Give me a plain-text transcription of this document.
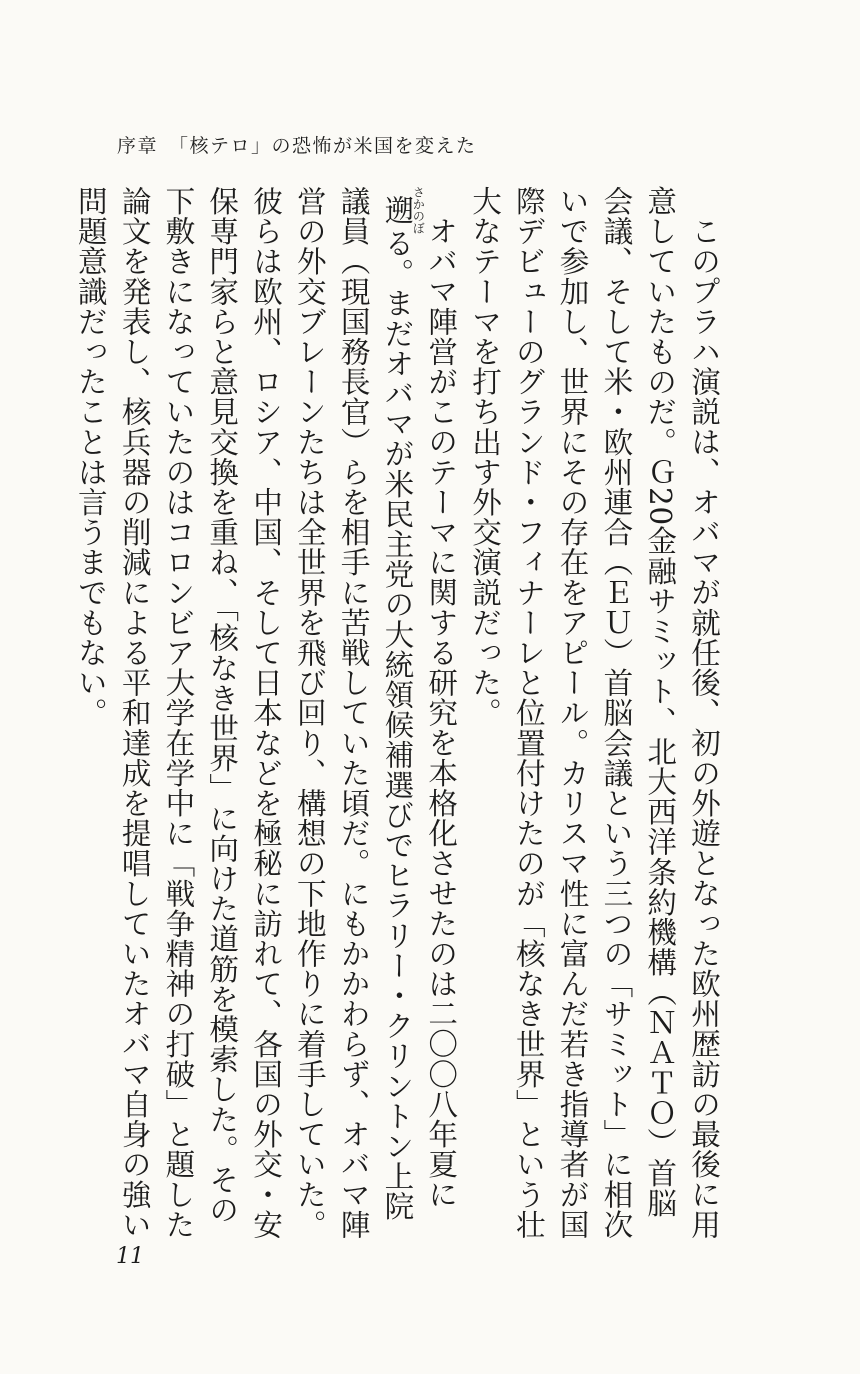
序章　「核テロ」の恐怖が米国を変えた

このプラハ演説は、オバマが就任後、初の外遊となった欧州歴訪の最後に用意していたものだ。Ｇ20金融サミット、北大西洋条約機構（ＮＡＴＯ）首脳会議、そして米・欧州連合（ＥＵ）首脳会議という三つの「サミット」に相次いで参加し、世界にその存在をアピール。カリスマ性に富んだ若き指導者が国際デビューのグランド・フィナーレと位置付けたのが「核なき世界」という壮大なテーマを打ち出す外交演説だった。

オバマ陣営がこのテーマに関する研究を本格化させたのは二〇〇八年夏に遡さかのぼる。まだオバマが米民主党の大統領候補選びでヒラリー・クリントン上院議員（現国務長官）らを相手に苦戦していた頃だ。にもかかわらず、オバマ陣営の外交ブレーンたちは全世界を飛び回り、構想の下地作りに着手していた。彼らは欧州、ロシア、中国、そして日本などを極秘に訪れて、各国の外交・安保専門家らと意見交換を重ね、「核なき世界」に向けた道筋を模索した。その下敷きになっていたのはコロンビア大学在学中に「戦争精神の打破」と題した論文を発表し、核兵器の削減による平和達成を提唱していたオバマ自身の強い問題意識だったことは言うまでもない。

11
